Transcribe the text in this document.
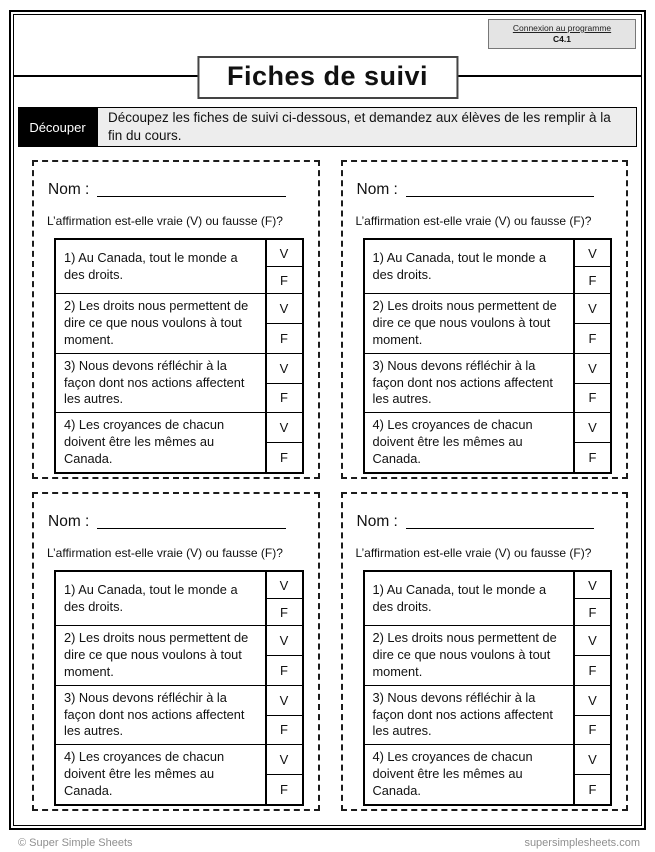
Connexion au programme
C4.1
Fiches de suivi
Découper
Découpez les fiches de suivi ci-dessous, et demandez aux élèves de les remplir à la fin du cours.
Nom :
L’affirmation est-elle vraie (V) ou fausse (F)?
1) Au Canada, tout le monde a des droits.
V
F
2) Les droits nous permettent de dire ce que nous voulons à tout moment.
V
F
3) Nous devons réfléchir à la façon dont nos actions affectent les autres.
V
F
4) Les croyances de chacun doivent être les mêmes au Canada.
V
F
Nom :
L’affirmation est-elle vraie (V) ou fausse (F)?
1) Au Canada, tout le monde a des droits.
V
F
2) Les droits nous permettent de dire ce que nous voulons à tout moment.
V
F
3) Nous devons réfléchir à la façon dont nos actions affectent les autres.
V
F
4) Les croyances de chacun doivent être les mêmes au Canada.
V
F
Nom :
L’affirmation est-elle vraie (V) ou fausse (F)?
1) Au Canada, tout le monde a des droits.
V
F
2) Les droits nous permettent de dire ce que nous voulons à tout moment.
V
F
3) Nous devons réfléchir à la façon dont nos actions affectent les autres.
V
F
4) Les croyances de chacun doivent être les mêmes au Canada.
V
F
Nom :
L’affirmation est-elle vraie (V) ou fausse (F)?
1) Au Canada, tout le monde a des droits.
V
F
2) Les droits nous permettent de dire ce que nous voulons à tout moment.
V
F
3) Nous devons réfléchir à la façon dont nos actions affectent les autres.
V
F
4) Les croyances de chacun doivent être les mêmes au Canada.
V
F
© Super Simple Sheets	supersimplesheets.com
